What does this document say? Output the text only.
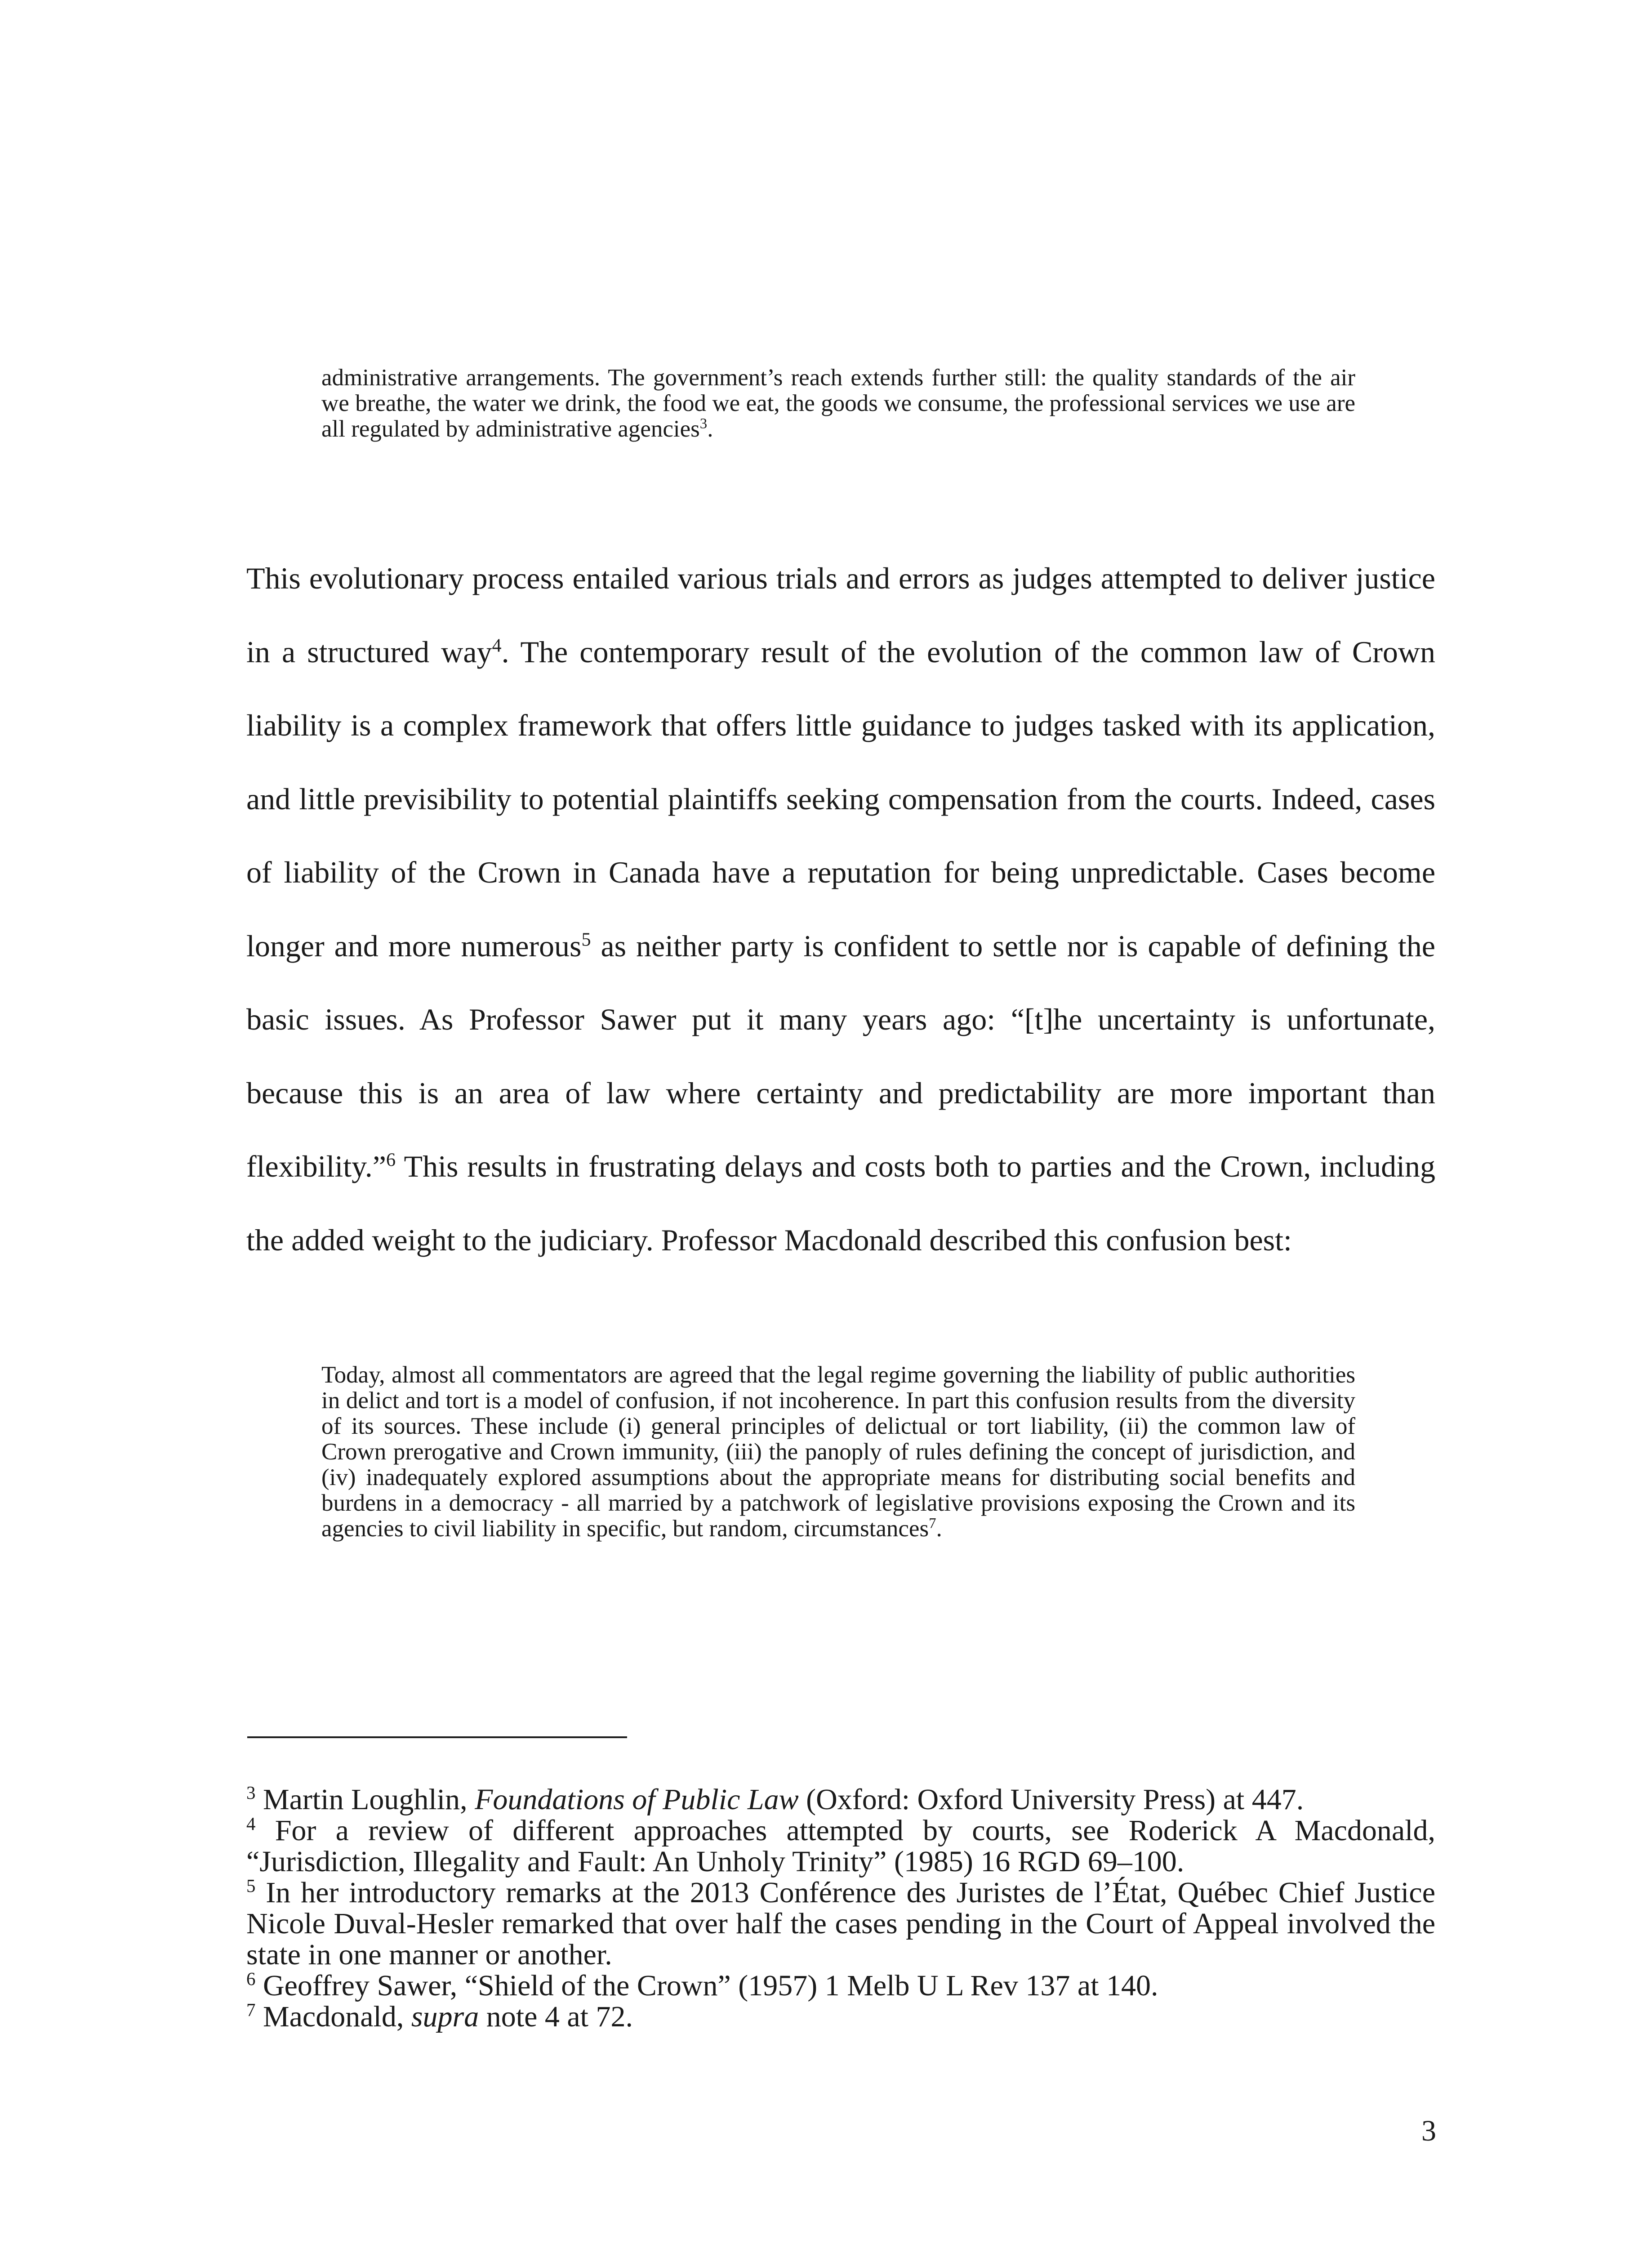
administrative arrangements. The government’s reach extends further still: the quality standards of the air we breathe, the water we drink, the food we eat, the goods we consume, the professional services we use are all regulated by administrative agencies$^3$.
This evolutionary process entailed various trials and errors as judges attempted to deliver justice in a structured way$^4$. The contemporary result of the evolution of the common law of Crown liability is a complex framework that offers little guidance to judges tasked with its application, and little previsibility to potential plaintiffs seeking compensation from the courts. Indeed, cases of liability of the Crown in Canada have a reputation for being unpredictable. Cases become longer and more numerous$^5$ as neither party is confident to settle nor is capable of defining the basic issues. As Professor Sawer put it many years ago: “[t]he uncertainty is unfortunate, because this is an area of law where certainty and predictability are more important than flexibility.”$^6$ This results in frustrating delays and costs both to parties and the Crown, including the added weight to the judiciary. Professor Macdonald described this confusion best:
Today, almost all commentators are agreed that the legal regime governing the liability of public authorities in delict and tort is a model of confusion, if not incoherence. In part this confusion results from the diversity of its sources. These include (i) general principles of delictual or tort liability, (ii) the common law of Crown prerogative and Crown immunity, (iii) the panoply of rules defining the concept of jurisdiction, and (iv) inadequately explored assumptions about the appropriate means for distributing social benefits and burdens in a democracy - all married by a patchwork of legislative provisions exposing the Crown and its agencies to civil liability in specific, but random, circumstances$^7$.

$^3$ Martin Loughlin, Foundations of Public Law (Oxford: Oxford University Press) at 447.

$^4$ For a review of different approaches attempted by courts, see Roderick A Macdonald, “Jurisdiction, Illegality and Fault: An Unholy Trinity” (1985) 16 RGD 69–100.

$^5$ In her introductory remarks at the 2013 Conférence des Juristes de l’État, Québec Chief Justice Nicole Duval-Hesler remarked that over half the cases pending in the Court of Appeal involved the state in one manner or another.

$^6$ Geoffrey Sawer, “Shield of the Crown” (1957) 1 Melb U L Rev 137 at 140.

$^7$ Macdonald, supra note 4 at 72.

3
